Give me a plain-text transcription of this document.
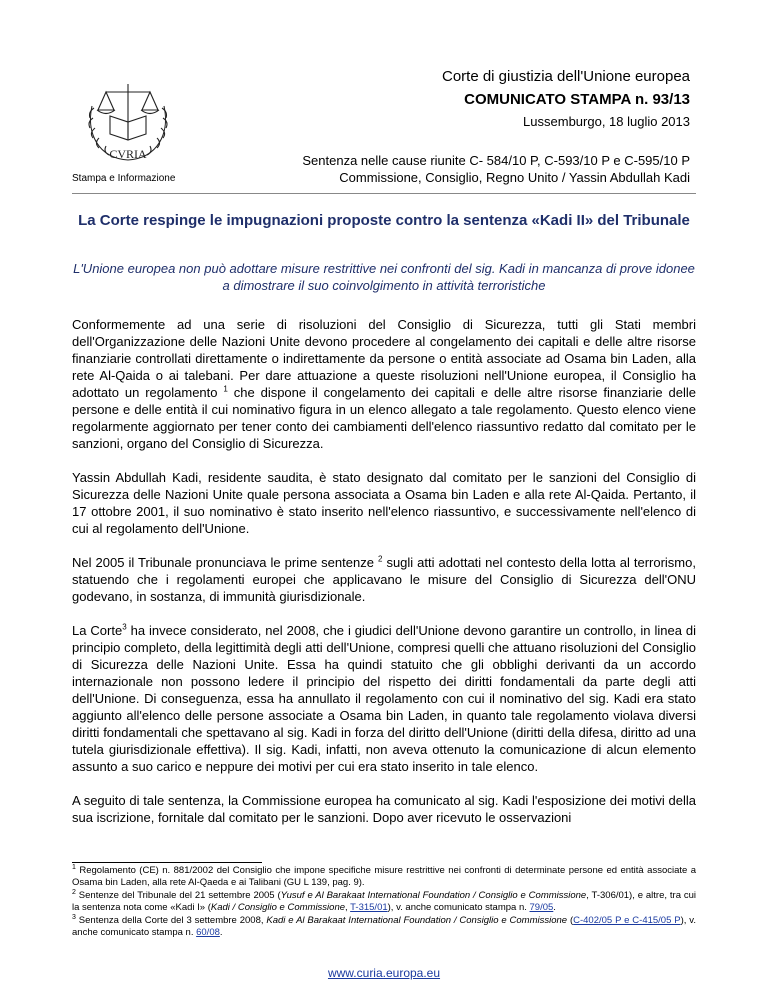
CVRIA
Stampa e Informazione
Corte di giustizia dell'Unione europea
COMUNICATO STAMPA n. 93/13
Lussemburgo, 18 luglio 2013
Sentenza nelle cause riunite C- 584/10 P, C-593/10 P e C-595/10 P
Commissione, Consiglio, Regno Unito / Yassin Abdullah Kadi
La Corte respinge le impugnazioni proposte contro la sentenza «Kadi II» del Tribunale
L'Unione europea non può adottare misure restrittive nei confronti del sig. Kadi in mancanza di prove idonee a dimostrare il suo coinvolgimento in attività terroristiche

Conformemente ad una serie di risoluzioni del Consiglio di Sicurezza, tutti gli Stati membri dell'Organizzazione delle Nazioni Unite devono procedere al congelamento dei capitali e delle altre risorse finanziarie controllati direttamente o indirettamente da persone o entità associate ad Osama bin Laden, alla rete Al-Qaida o ai talebani. Per dare attuazione a queste risoluzioni nell'Unione europea, il Consiglio ha adottato un regolamento $^1$ che dispone il congelamento dei capitali e delle altre risorse finanziarie delle persone e delle entità il cui nominativo figura in un elenco allegato a tale regolamento. Questo elenco viene regolarmente aggiornato per tener conto dei cambiamenti dell'elenco riassuntivo redatto dal comitato per le sanzioni, organo del Consiglio di Sicurezza.

Yassin Abdullah Kadi, residente saudita, è stato designato dal comitato per le sanzioni del Consiglio di Sicurezza delle Nazioni Unite quale persona associata a Osama bin Laden e alla rete Al-Qaida. Pertanto, il 17 ottobre 2001, il suo nominativo è stato inserito nell'elenco riassuntivo, e successivamente nell'elenco di cui al regolamento dell'Unione.

Nel 2005 il Tribunale pronunciava le prime sentenze $^2$ sugli atti adottati nel contesto della lotta al terrorismo, statuendo che i regolamenti europei che applicavano le misure del Consiglio di Sicurezza dell'ONU godevano, in sostanza, di immunità giurisdizionale.

La Corte$^3$ ha invece considerato, nel 2008, che i giudici dell'Unione devono garantire un controllo, in linea di principio completo, della legittimità degli atti dell'Unione, compresi quelli che attuano risoluzioni del Consiglio di Sicurezza delle Nazioni Unite. Essa ha quindi statuito che gli obblighi derivanti da un accordo internazionale non possono ledere il principio del rispetto dei diritti fondamentali da parte degli atti dell'Unione. Di conseguenza, essa ha annullato il regolamento con cui il nominativo del sig. Kadi era stato aggiunto all'elenco delle persone associate a Osama bin Laden, in quanto tale regolamento violava diversi diritti fondamentali che spettavano al sig. Kadi in forza del diritto dell'Unione (diritti della difesa, diritto ad una tutela giurisdizionale effettiva). Il sig. Kadi, infatti, non aveva ottenuto la comunicazione di alcun elemento assunto a suo carico e neppure dei motivi per cui era stato inserito in tale elenco.

A seguito di tale sentenza, la Commissione europea ha comunicato al sig. Kadi l'esposizione dei motivi della sua iscrizione, fornitale dal comitato per le sanzioni. Dopo aver ricevuto le osservazioni

$^1$ Regolamento (CE) n. 881/2002 del Consiglio che impone specifiche misure restrittive nei confronti di determinate persone ed entità associate a Osama bin Laden, alla rete Al-Qaeda e ai Talibani (GU L 139, pag. 9).
$^2$ Sentenze del Tribunale del 21 settembre 2005 (Yusuf e Al Barakaat International Foundation / Consiglio e Commissione, T-306/01), e altre, tra cui la sentenza nota come «Kadi I» (Kadi / Consiglio e Commissione, T-315/01), v. anche comunicato stampa n. 79/05.
$^3$ Sentenza della Corte del 3 settembre 2008, Kadi e Al Barakaat International Foundation / Consiglio e Commissione (C-402/05 P e C-415/05 P), v. anche comunicato stampa n. 60/08.
www.curia.europa.eu
